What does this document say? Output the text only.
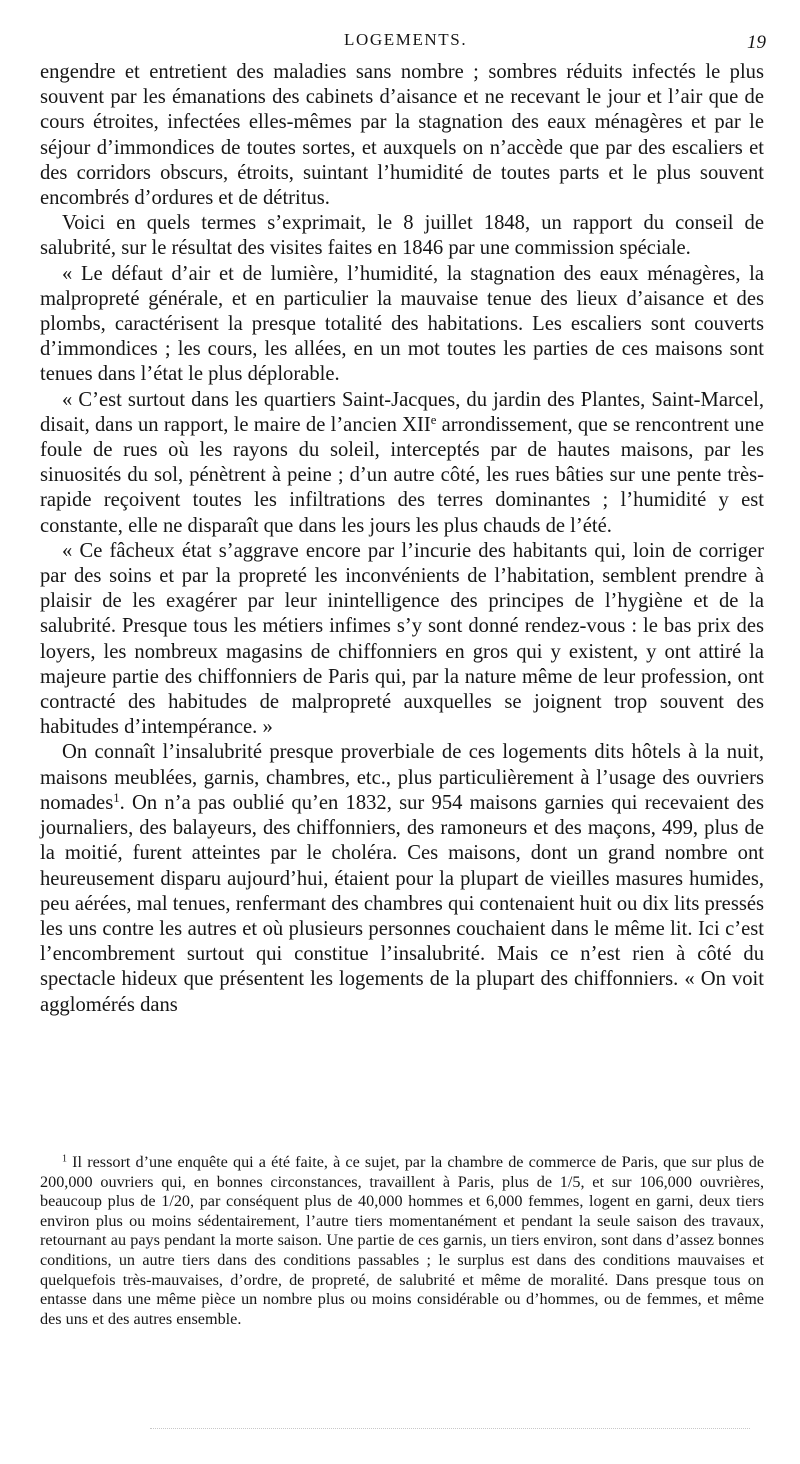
LOGEMENTS.	19

engendre et entretient des maladies sans nombre ; sombres réduits infectés le plus souvent par les émanations des cabinets d’aisance et ne recevant le jour et l’air que de cours étroites, infectées elles-mêmes par la stagnation des eaux ménagères et par le séjour d’immondices de toutes sortes, et auxquels on n’accède que par des escaliers et des corridors obscurs, étroits, suintant l’humidité de toutes parts et le plus souvent encombrés d’ordures et de détritus.

Voici en quels termes s’exprimait, le 8 juillet 1848, un rapport du conseil de salubrité, sur le résultat des visites faites en 1846 par une commission spéciale.

« Le défaut d’air et de lumière, l’humidité, la stagnation des eaux ménagères, la malpropreté générale, et en particulier la mauvaise tenue des lieux d’aisance et des plombs, caractérisent la presque totalité des habitations. Les escaliers sont couverts d’immondices ; les cours, les allées, en un mot toutes les parties de ces maisons sont tenues dans l’état le plus déplorable.

« C’est surtout dans les quartiers Saint-Jacques, du jardin des Plantes, Saint-Marcel, disait, dans un rapport, le maire de l’ancien XIIe arrondissement, que se rencontrent une foule de rues où les rayons du soleil, interceptés par de hautes maisons, par les sinuosités du sol, pénètrent à peine ; d’un autre côté, les rues bâties sur une pente très-rapide reçoivent toutes les infiltrations des terres dominantes ; l’humidité y est constante, elle ne disparaît que dans les jours les plus chauds de l’été.

« Ce fâcheux état s’aggrave encore par l’incurie des habitants qui, loin de corriger par des soins et par la propreté les inconvénients de l’habitation, semblent prendre à plaisir de les exagérer par leur inintelligence des principes de l’hygiène et de la salubrité. Presque tous les métiers infimes s’y sont donné rendez-vous : le bas prix des loyers, les nombreux magasins de chiffonniers en gros qui y existent, y ont attiré la majeure partie des chiffonniers de Paris qui, par la nature même de leur profession, ont contracté des habitudes de malpropreté auxquelles se joignent trop souvent des habitudes d’intempérance. »

On connaît l’insalubrité presque proverbiale de ces logements dits hôtels à la nuit, maisons meublées, garnis, chambres, etc., plus particulièrement à l’usage des ouvriers nomades$^1$. On n’a pas oublié qu’en 1832, sur 954 maisons garnies qui recevaient des journaliers, des balayeurs, des chiffonniers, des ramoneurs et des maçons, 499, plus de la moitié, furent atteintes par le choléra. Ces maisons, dont un grand nombre ont heureusement disparu aujourd’hui, étaient pour la plupart de vieilles masures humides, peu aérées, mal tenues, renfermant des chambres qui contenaient huit ou dix lits pressés les uns contre les autres et où plusieurs personnes couchaient dans le même lit. Ici c’est l’encombrement surtout qui constitue l’insalubrité. Mais ce n’est rien à côté du spectacle hideux que présentent les logements de la plupart des chiffonniers. « On voit agglomérés dans

$^1$ Il ressort d’une enquête qui a été faite, à ce sujet, par la chambre de commerce de Paris, que sur plus de 200,000 ouvriers qui, en bonnes circonstances, travaillent à Paris, plus de 1/5, et sur 106,000 ouvrières, beaucoup plus de 1/20, par conséquent plus de 40,000 hommes et 6,000 femmes, logent en garni, deux tiers environ plus ou moins sédentairement, l’autre tiers momentanément et pendant la seule saison des travaux, retournant au pays pendant la morte saison. Une partie de ces garnis, un tiers environ, sont dans d’assez bonnes conditions, un autre tiers dans des conditions passables ; le surplus est dans des conditions mauvaises et quelquefois très-mauvaises, d’ordre, de propreté, de salubrité et même de moralité. Dans presque tous on entasse dans une même pièce un nombre plus ou moins considérable ou d’hommes, ou de femmes, et même des uns et des autres ensemble.
